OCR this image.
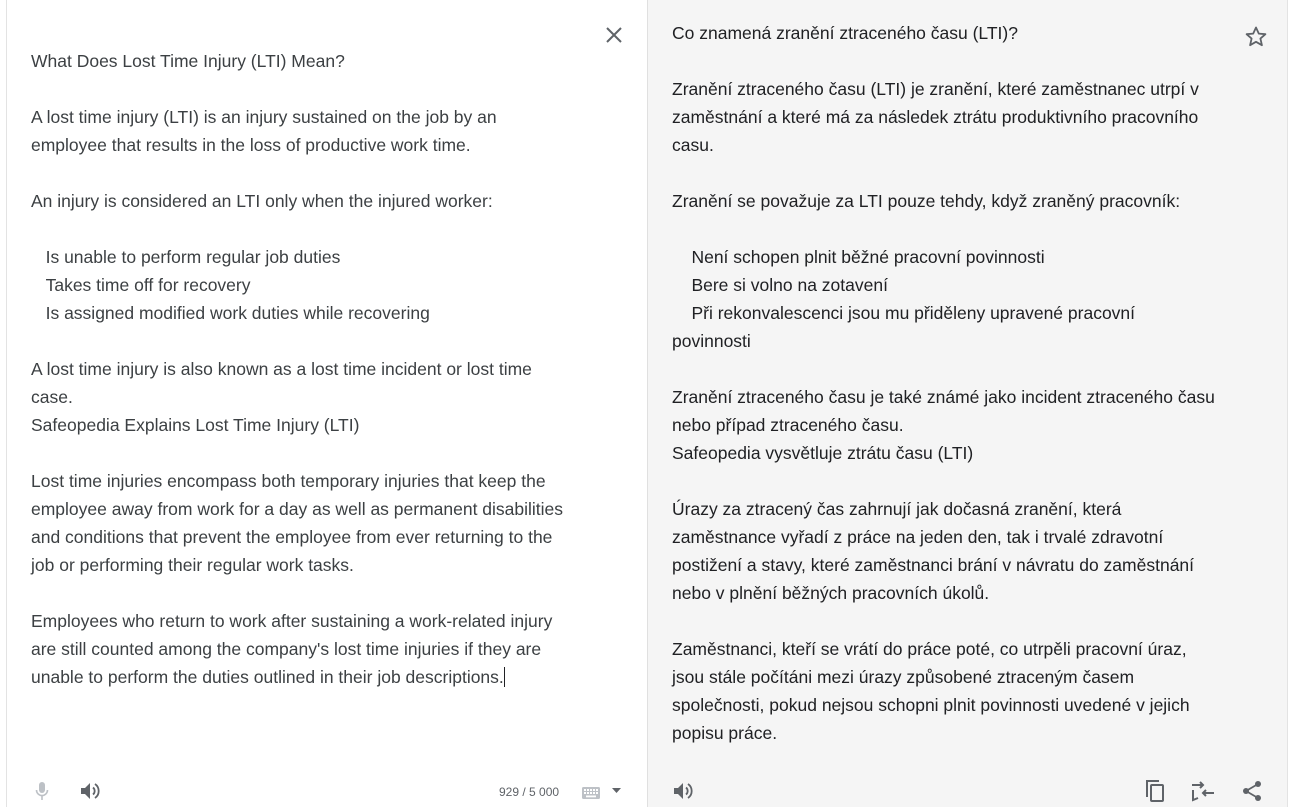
What Does Lost Time Injury (LTI) Mean?

A lost time injury (LTI) is an injury sustained on the job by an
employee that results in the loss of productive work time.

An injury is considered an LTI only when the injured worker:

Is unable to perform regular job duties
Takes time off for recovery
Is assigned modified work duties while recovering

A lost time injury is also known as a lost time incident or lost time
case.
Safeopedia Explains Lost Time Injury (LTI)

Lost time injuries encompass both temporary injuries that keep the
employee away from work for a day as well as permanent disabilities
and conditions that prevent the employee from ever returning to the
job or performing their regular work tasks.

Employees who return to work after sustaining a work-related injury
are still counted among the company's lost time injuries if they are
unable to perform the duties outlined in their job descriptions.

929 / 5 000

Co znamená zranění ztraceného času (LTI)?

Zranění ztraceného času (LTI) je zranění, které zaměstnanec utrpí v
zaměstnání a které má za následek ztrátu produktivního pracovního
casu.

Zranění se považuje za LTI pouze tehdy, když zraněný pracovník:

Není schopen plnit běžné pracovní povinnosti
Bere si volno na zotavení
Při rekonvalescenci jsou mu přiděleny upravené pracovní
povinnosti

Zranění ztraceného času je také známé jako incident ztraceného času
nebo případ ztraceného času.
Safeopedia vysvětluje ztrátu času (LTI)

Úrazy za ztracený čas zahrnují jak dočasná zranění, která
zaměstnance vyřadí z práce na jeden den, tak i trvalé zdravotní
postižení a stavy, které zaměstnanci brání v návratu do zaměstnání
nebo v plnění běžných pracovních úkolů.

Zaměstnanci, kteří se vrátí do práce poté, co utrpěli pracovní úraz,
jsou stále počítáni mezi úrazy způsobené ztraceným časem
společnosti, pokud nejsou schopni plnit povinnosti uvedené v jejich
popisu práce.
